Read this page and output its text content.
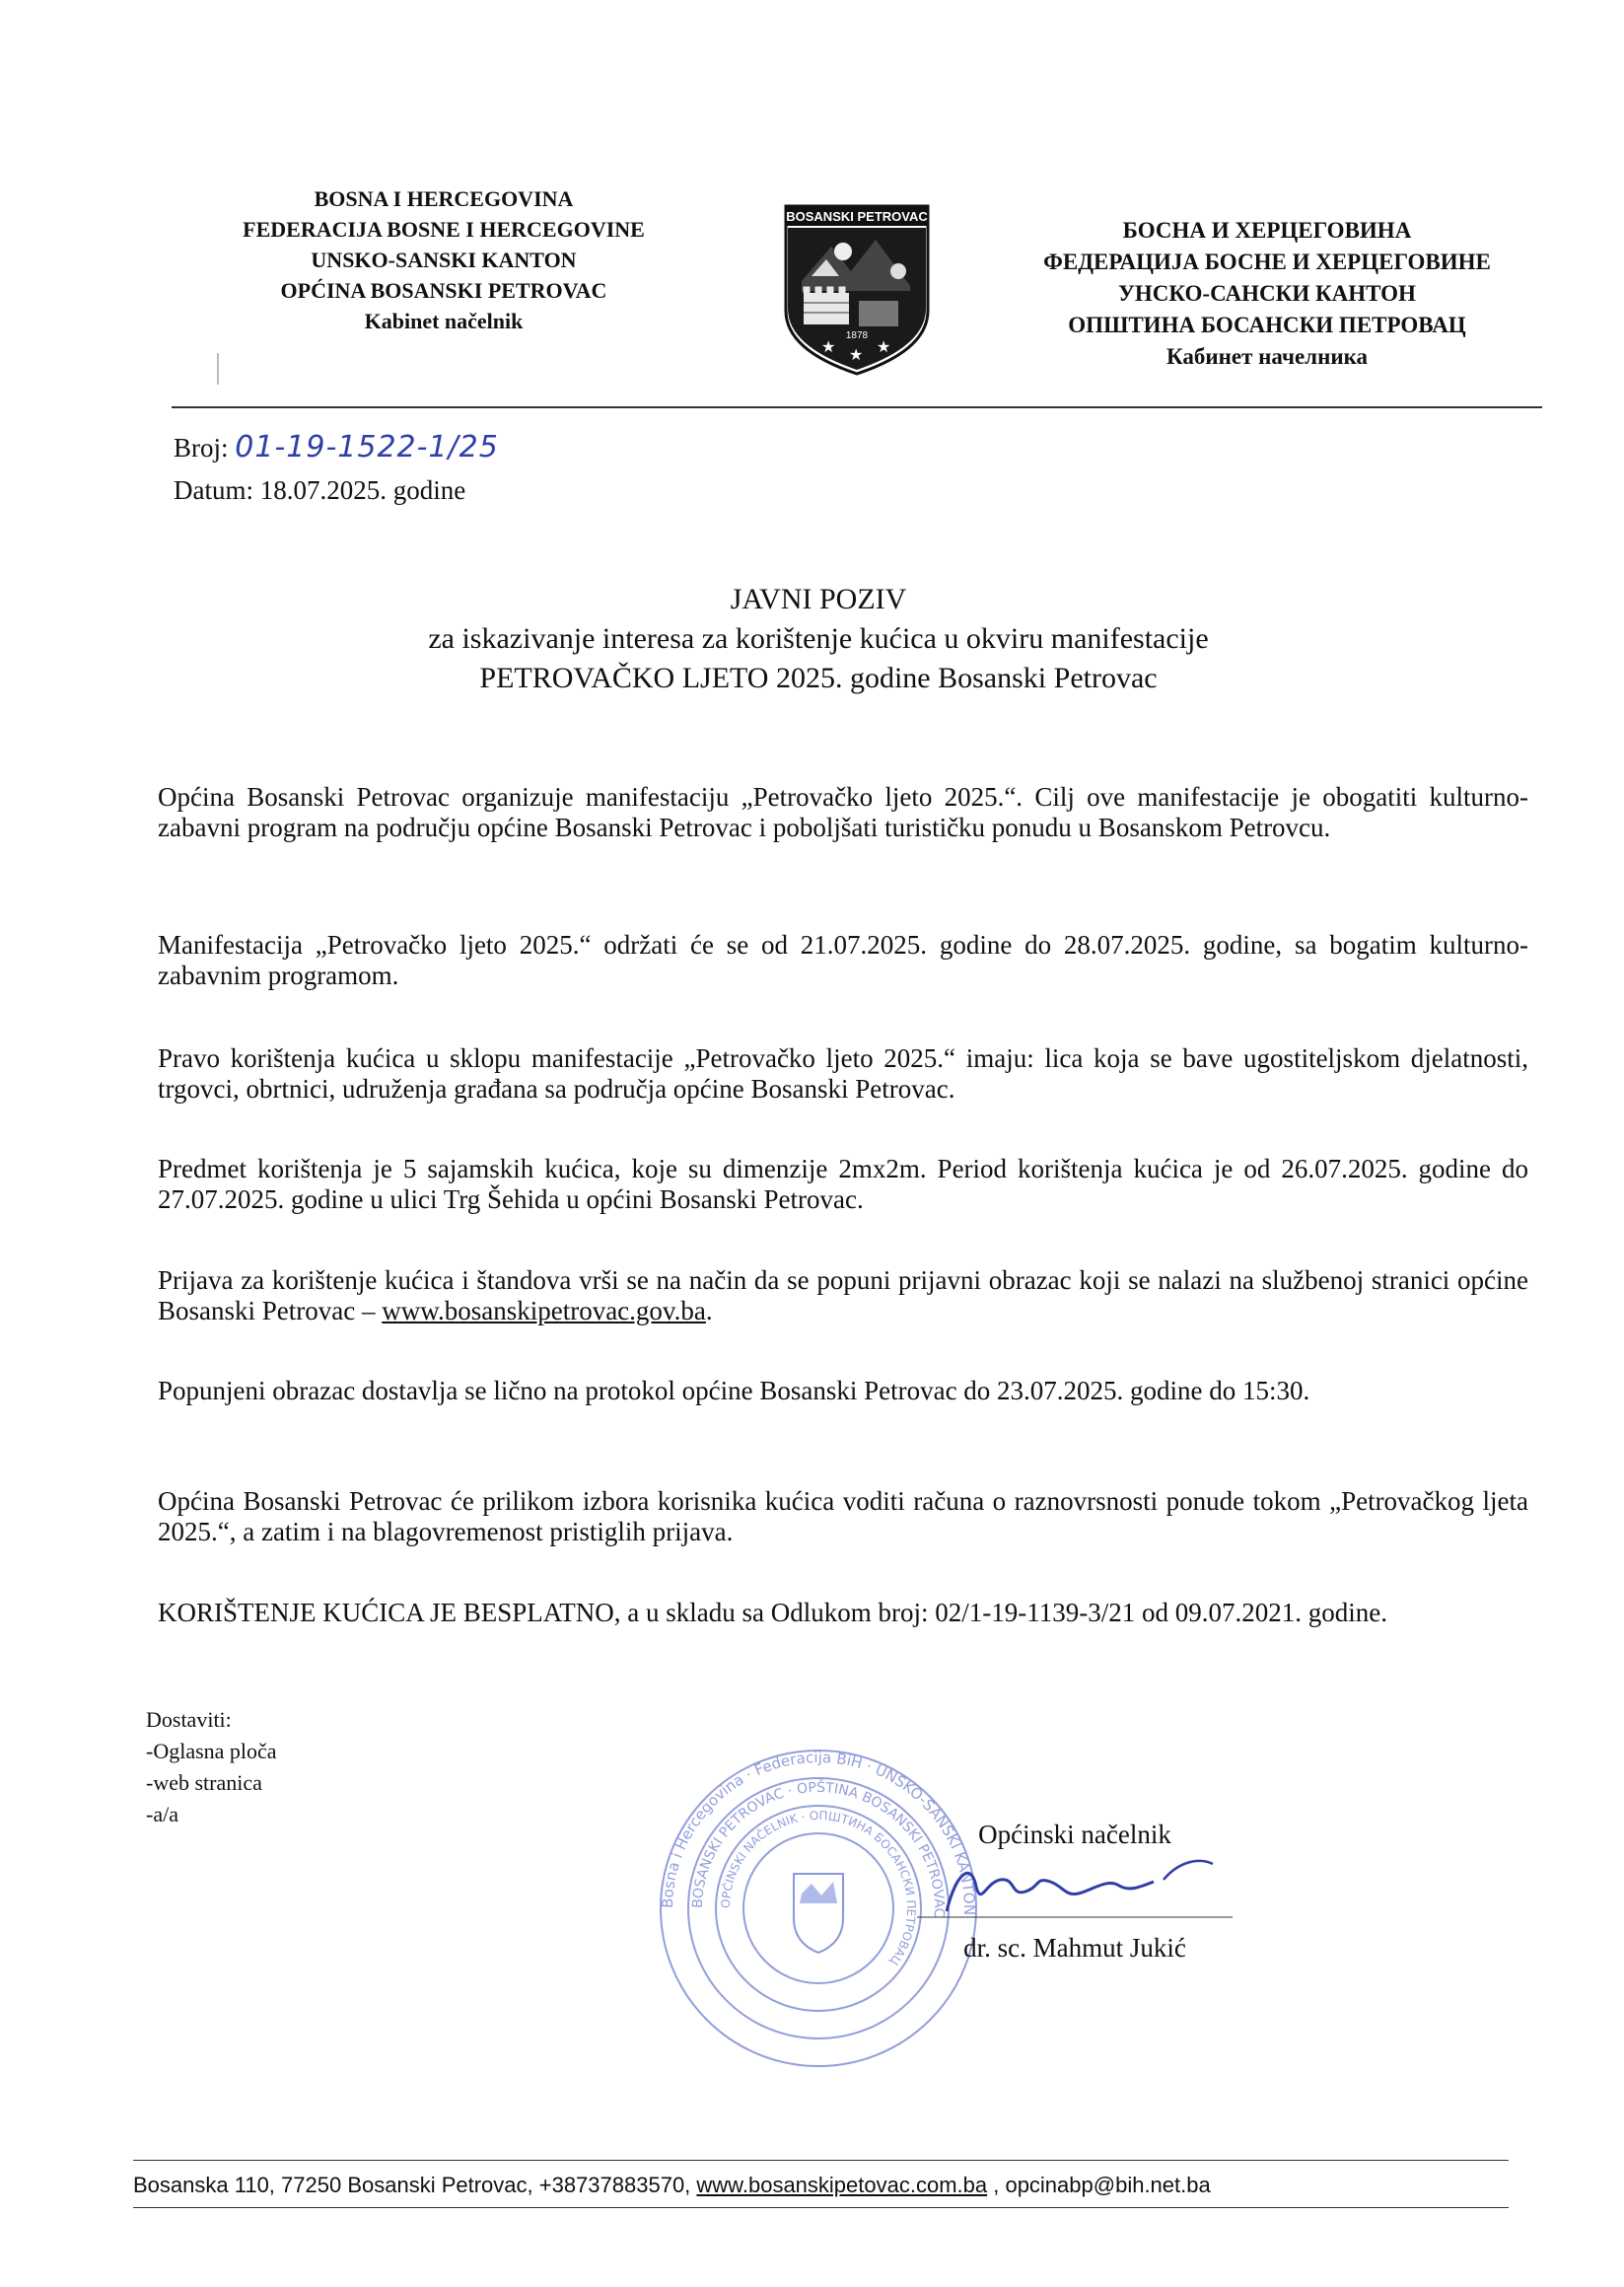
BOSNA I HERCEGOVINA
FEDERACIJA BOSNE I HERCEGOVINE
UNSKO-SANSKI KANTON
OPĆINA BOSANSKI PETROVAC
Kabinet načelnik
BOSANSKI PETROVAC
1878
★ ★ ★
БОСНА И ХЕРЦЕГОВИНА
ФЕДЕРАЦИЈА БОСНЕ И ХЕРЦЕГОВИНЕ
УНСКО-САНСКИ КАНТОН
ОПШТИНА БОСАНСКИ ПЕТРОВАЦ
Кабинет начелника
Broj: 01-19-1522-1/25
Datum: 18.07.2025. godine
JAVNI POZIV
za iskazivanje interesa za korištenje kućica u okviru manifestacije
PETROVAČKO LJETO 2025. godine Bosanski Petrovac

Općina Bosanski Petrovac organizuje manifestaciju „Petrovačko ljeto 2025.“. Cilj ove manifestacije je obogatiti kulturno- zabavni program na području općine Bosanski Petrovac i poboljšati turističku ponudu u Bosanskom Petrovcu.

Manifestacija „Petrovačko ljeto 2025.“ održati će se od 21.07.2025. godine do 28.07.2025. godine, sa bogatim kulturno-zabavnim programom.

Pravo korištenja kućica u sklopu manifestacije „Petrovačko ljeto 2025.“ imaju: lica koja se bave ugostiteljskom djelatnosti, trgovci, obrtnici, udruženja građana sa područja općine Bosanski Petrovac.

Predmet korištenja je 5 sajamskih kućica, koje su dimenzije 2mx2m. Period korištenja kućica je od 26.07.2025. godine do 27.07.2025. godine u ulici Trg Šehida u općini Bosanski Petrovac.

Prijava za korištenje kućica i štandova vrši se na način da se popuni prijavni obrazac koji se nalazi na službenoj stranici općine Bosanski Petrovac – www.bosanskipetrovac.gov.ba.

Popunjeni obrazac dostavlja se lično na protokol općine Bosanski Petrovac do 23.07.2025. godine do 15:30.

Općina Bosanski Petrovac će prilikom izbora korisnika kućica voditi računa o raznovrsnosti ponude tokom „Petrovačkog ljeta 2025.“, a zatim i na blagovremenost pristiglih prijava.

KORIŠTENJE KUĆICA JE BESPLATNO, a u skladu sa Odlukom broj: 02/1-19-1139-3/21 od 09.07.2021. godine.

Dostaviti:
-Oglasna ploča
-web stranica
-a/a
Bosna i Hercegovina · Federacija BiH · UNSKO-SANSKI KANTON
BOSANSKI PETROVAC · OPŠTINA BOSANSKI PETROVAC
OPĆINSKI NAČELNIK · ОПШТИНА БОСАНСКИ ПЕТРОВАЦ
Općinski načelnik
dr. sc. Mahmut Jukić
Bosanska 110, 77250 Bosanski Petrovac, +38737883570, www.bosanskipetovac.com.ba , opcinabp@bih.net.ba
